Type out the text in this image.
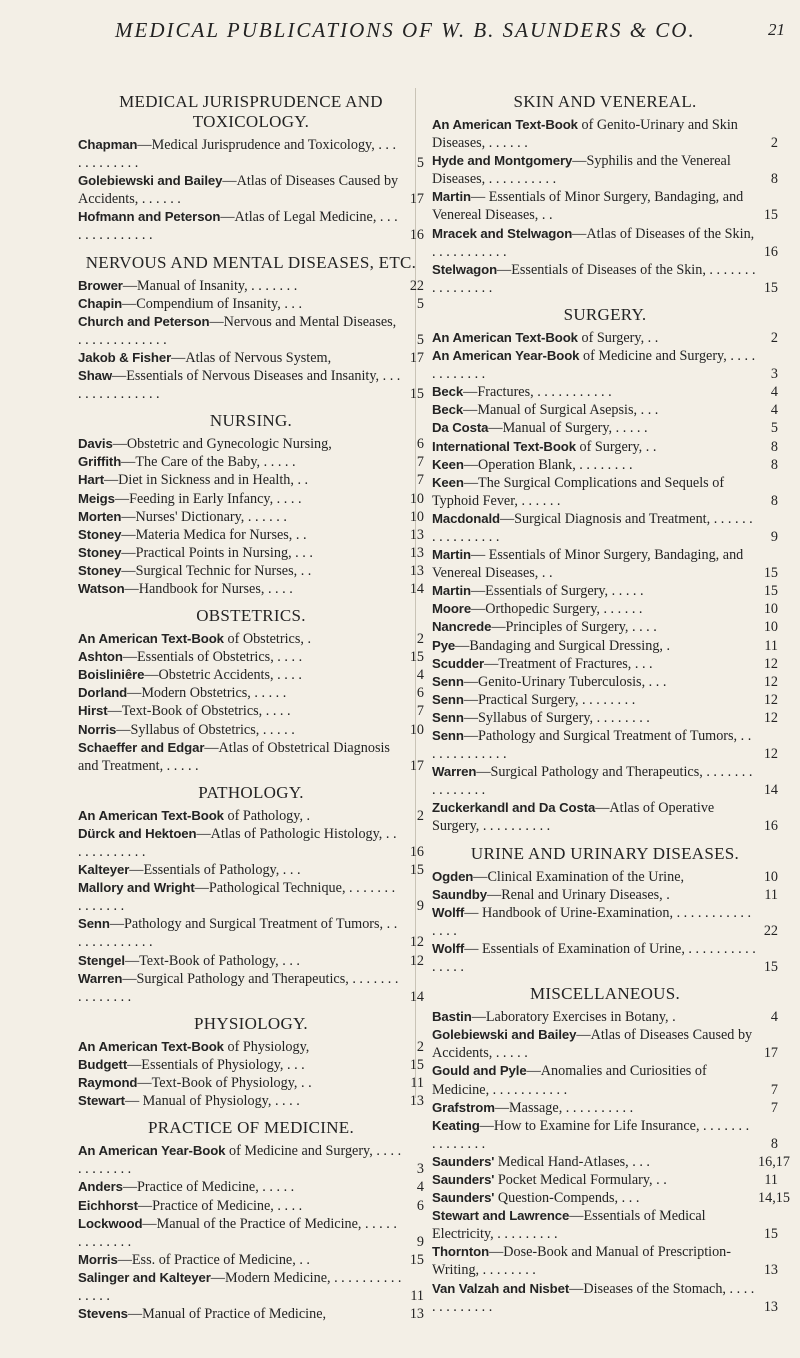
MEDICAL PUBLICATIONS OF W. B. SAUNDERS & CO.	21
MEDICAL JURISPRUDENCE AND TOXICOLOGY.
Chapman—Medical Jurisprudence and Toxicology, . . . . . . . . . . . .	5
Golebiewski and Bailey—Atlas of Diseases Caused by Accidents, . . . . . .	17
Hofmann and Peterson—Atlas of Legal Medicine, . . . . . . . . . . . . . .	16
NERVOUS AND MENTAL DISEASES, ETC.
Brower—Manual of Insanity, . . . . . . .	22
Chapin—Compendium of Insanity, . . .	5
Church and Peterson—Nervous and Mental Diseases, . . . . . . . . . . . . .	5
Jakob & Fisher—Atlas of Nervous System,	17
Shaw—Essentials of Nervous Diseases and Insanity, . . . . . . . . . . . . . . .	15
NURSING.
Davis—Obstetric and Gynecologic Nursing,	6
Griffith—The Care of the Baby, . . . . .	7
Hart—Diet in Sickness and in Health, . .	7
Meigs—Feeding in Early Infancy, . . . .	10
Morten—Nurses' Dictionary, . . . . . .	10
Stoney—Materia Medica for Nurses, . .	13
Stoney—Practical Points in Nursing, . . .	13
Stoney—Surgical Technic for Nurses, . .	13
Watson—Handbook for Nurses, . . . .	14
OBSTETRICS.
An American Text-Book of Obstetrics, .	2
Ashton—Essentials of Obstetrics, . . . .	15
Boisliniêre—Obstetric Accidents, . . . .	4
Dorland—Modern Obstetrics, . . . . .	6
Hirst—Text-Book of Obstetrics, . . . .	7
Norris—Syllabus of Obstetrics, . . . . .	10
Schaeffer and Edgar—Atlas of Obstetrical Diagnosis and Treatment, . . . . .	17
PATHOLOGY.
An American Text-Book of Pathology, .	2
Dürck and Hektoen—Atlas of Pathologic Histology, . . . . . . . . . . . .	16
Kalteyer—Essentials of Pathology, . . .	15
Mallory and Wright—Pathological Technique, . . . . . . . . . . . . . .	9
Senn—Pathology and Surgical Treatment of Tumors, . . . . . . . . . . . . .	12
Stengel—Text-Book of Pathology, . . .	12
Warren—Surgical Pathology and Therapeutics, . . . . . . . . . . . . . . .	14
PHYSIOLOGY.
An American Text-Book of Physiology,	2
Budgett—Essentials of Physiology, . . .	15
Raymond—Text-Book of Physiology, . .	11
Stewart— Manual of Physiology, . . . .	13
PRACTICE OF MEDICINE.
An American Year-Book of Medicine and Surgery, . . . . . . . . . . . .	3
Anders—Practice of Medicine, . . . . .	4
Eichhorst—Practice of Medicine, . . . .	6
Lockwood—Manual of the Practice of Medicine, . . . . . . . . . . . . .	9
Morris—Ess. of Practice of Medicine, . .	15
Salinger and Kalteyer—Modern Medicine, . . . . . . . . . . . . . . .	11
Stevens—Manual of Practice of Medicine,	13
SKIN AND VENEREAL.
An American Text-Book of Genito-Urinary and Skin Diseases, . . . . . .	2
Hyde and Montgomery—Syphilis and the Venereal Diseases, . . . . . . . . . .	8
Martin— Essentials of Minor Surgery, Bandaging, and Venereal Diseases, . .	15
Mracek and Stelwagon—Atlas of Diseases of the Skin, . . . . . . . . . . .	16
Stelwagon—Essentials of Diseases of the Skin, . . . . . . . . . . . . . . . .	15
SURGERY.
An American Text-Book of Surgery, . .	2
An American Year-Book of Medicine and Surgery, . . . . . . . . . . . .	3
Beck—Fractures, . . . . . . . . . . .	4
Beck—Manual of Surgical Asepsis, . . .	4
Da Costa—Manual of Surgery, . . . . .	5
International Text-Book of Surgery, . .	8
Keen—Operation Blank, . . . . . . . .	8
Keen—The Surgical Complications and Sequels of Typhoid Fever, . . . . . .	8
Macdonald—Surgical Diagnosis and Treatment, . . . . . . . . . . . . . . . .	9
Martin— Essentials of Minor Surgery, Bandaging, and Venereal Diseases, . .	15
Martin—Essentials of Surgery, . . . . .	15
Moore—Orthopedic Surgery, . . . . . .	10
Nancrede—Principles of Surgery, . . . .	10
Pye—Bandaging and Surgical Dressing, .	11
Scudder—Treatment of Fractures, . . .	12
Senn—Genito-Urinary Tuberculosis, . . .	12
Senn—Practical Surgery, . . . . . . . .	12
Senn—Syllabus of Surgery, . . . . . . . .	12
Senn—Pathology and Surgical Treatment of Tumors, . . . . . . . . . . . . .	12
Warren—Surgical Pathology and Therapeutics, . . . . . . . . . . . . . . .	14
Zuckerkandl and Da Costa—Atlas of Operative Surgery, . . . . . . . . . .	16
URINE AND URINARY DISEASES.
Ogden—Clinical Examination of the Urine,	10
Saundby—Renal and Urinary Diseases, .	11
Wolff— Handbook of Urine-Examination, . . . . . . . . . . . . . . .	22
Wolff— Essentials of Examination of Urine, . . . . . . . . . . . . . . .	15
MISCELLANEOUS.
Bastin—Laboratory Exercises in Botany, .	4
Golebiewski and Bailey—Atlas of Diseases Caused by Accidents, . . . . .	17
Gould and Pyle—Anomalies and Curiosities of Medicine, . . . . . . . . . . .	7
Grafstrom—Massage, . . . . . . . . . .	7
Keating—How to Examine for Life Insurance, . . . . . . . . . . . . . . .	8
Saunders' Medical Hand-Atlases, . . .	16,17
Saunders' Pocket Medical Formulary, . .	11
Saunders' Question-Compends, . . .	14,15
Stewart and Lawrence—Essentials of Medical Electricity, . . . . . . . . .	15
Thornton—Dose-Book and Manual of Prescription-Writing, . . . . . . . .	13
Van Valzah and Nisbet—Diseases of the Stomach, . . . . . . . . . . . . .	13
